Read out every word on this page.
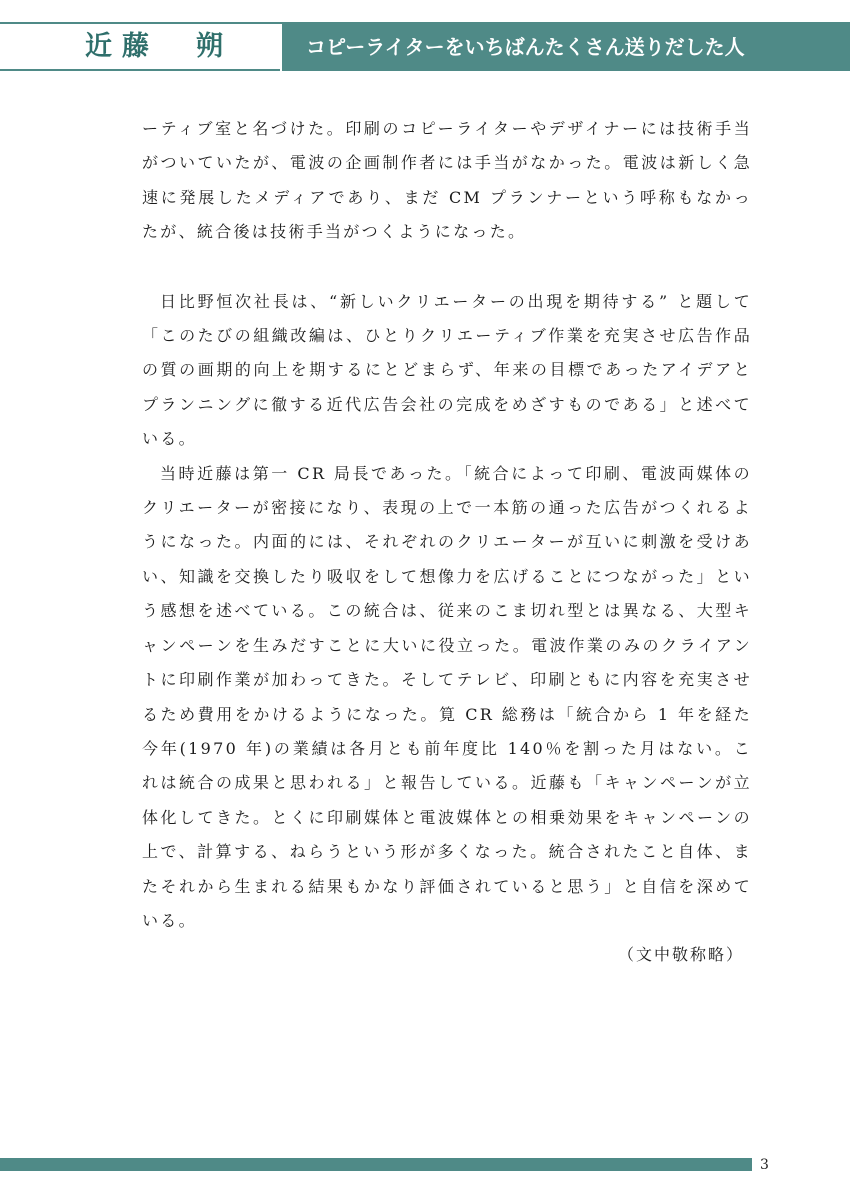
近藤　朔	コピーライターをいちばんたくさん送りだした人

ーティブ室と名づけた。印刷のコピーライターやデザイナーには技術手当がついていたが、電波の企画制作者には手当がなかった。電波は新しく急速に発展したメディアであり、まだ CM プランナーという呼称もなかったが、統合後は技術手当がつくようになった。

日比野恒次社長は、“新しいクリエーターの出現を期待する” と題して「このたびの組織改編は、ひとりクリエーティブ作業を充実させ広告作品の質の画期的向上を期するにとどまらず、年来の目標であったアイデアとプランニングに徹する近代広告会社の完成をめざすものである」と述べている。

当時近藤は第一 CR 局長であった。「統合によって印刷、電波両媒体のクリエーターが密接になり、表現の上で一本筋の通った広告がつくれるようになった。内面的には、それぞれのクリエーターが互いに刺激を受けあい、知識を交換したり吸収をして想像力を広げることにつながった」という感想を述べている。この統合は、従来のこま切れ型とは異なる、大型キャンペーンを生みだすことに大いに役立った。電波作業のみのクライアントに印刷作業が加わってきた。そしてテレビ、印刷ともに内容を充実させるため費用をかけるようになった。筧 CR 総務は「統合から 1 年を経た今年(1970 年)の業績は各月とも前年度比 140％を割った月はない。これは統合の成果と思われる」と報告している。近藤も「キャンペーンが立体化してきた。とくに印刷媒体と電波媒体との相乗効果をキャンペーンの上で、計算する、ねらうという形が多くなった。統合されたこと自体、またそれから生まれる結果もかなり評価されていると思う」と自信を深めている。

（文中敬称略）

3
